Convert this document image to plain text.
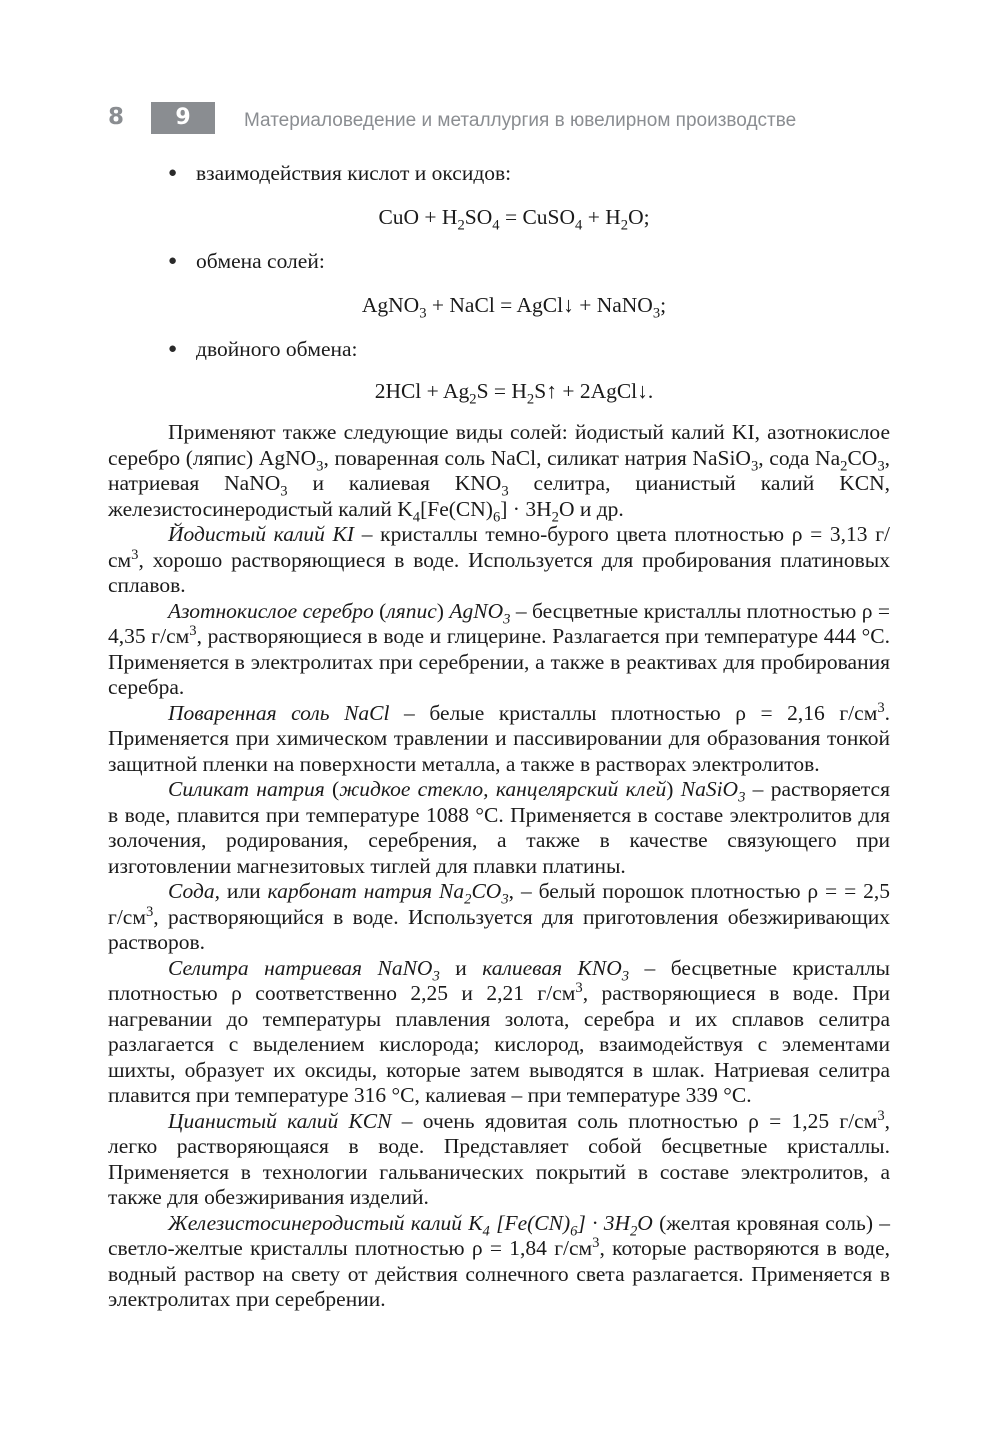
8	9	Материаловедение и металлургия в ювелирном производстве
● взаимодействия кислот и оксидов:
CuO + $H_2SO_4$ = CuSO$_4$ + $H_2O$;
● обмена солей:
AgNO$_3$ + NaCl = AgCl↓ + NaNO$_3$;
● двойного обмена:
$2HCl + Ag_2S$ = $H_2S↑$ + 2AgCl↓.

Применяют также следующие виды солей: йодистый калий KI, азотнокислое серебро (ляпис) AgNO$_3$, поваренная соль NaCl, силикат натрия NaSiO$_3$, сода $Na_2CO_3$, натриевая NaNO$_3$ и калиевая $KNO_3$ селитра, цианистый калий KCN, железистосинеродистый калий $K_4[Fe(CN)_6] \cdot 3H_2O$ и др.

Йодистый калий KI – кристаллы темно-бурого цвета плотностью ρ = 3,13 $г/см^3$, хорошо растворяющиеся в воде. Используется для пробирования платиновых сплавов.

Азотнокислое серебро (ляпис) AgNO$_3$ – бесцветные кристаллы плотностью ρ = 4,35 $г/см^3$, растворяющиеся в воде и глицерине. Разлагается при температуре 444 °С. Применяется в электролитах при серебрении, а также в реактивах для пробирования серебра.

Поваренная соль NaCl – белые кристаллы плотностью ρ = 2,16 $г/см^3$. Применяется при химическом травлении и пассивировании для образования тонкой защитной пленки на поверхности металла, а также в растворах электролитов.

Силикат натрия (жидкое стекло, канцелярский клей) NaSiO$_3$ – растворяется в воде, плавится при температуре 1088 °С. Применяется в составе электролитов для золочения, родирования, серебрения, а также в качестве связующего при изготовлении магнезитовых тиглей для плавки платины.

Сода, или карбонат натрия $Na_2CO_3$, – белый порошок плотностью ρ = = 2,5 $г/см^3$, растворяющийся в воде. Используется для приготовления обезжиривающих растворов.

Селитра натриевая NaNO$_3$ и калиевая $KNO_3$ – бесцветные кристаллы плотностью ρ соответственно 2,25 и 2,21 $г/см^3$, растворяющиеся в воде. При нагревании до температуры плавления золота, серебра и их сплавов селитра разлагается с выделением кислорода; кислород, взаимодействуя с элементами шихты, образует их оксиды, которые затем выводятся в шлак. Натриевая селитра плавится при температуре 316 °С, калиевая – при температуре 339 °С.

Цианистый калий KCN – очень ядовитая соль плотностью ρ = 1,25 $г/см^3$, легко растворяющаяся в воде. Представляет собой бесцветные кристаллы. Применяется в технологии гальванических покрытий в составе электролитов, а также для обезжиривания изделий.

Железистосинеродистый калий $K_4$ $[Fe(CN)_6] \cdot 3H_2O$ (желтая кровяная соль) – светло-желтые кристаллы плотностью ρ = 1,84 $г/см^3$, которые растворяются в воде, водный раствор на свету от действия солнечного света разлагается. Применяется в электролитах при серебрении.
